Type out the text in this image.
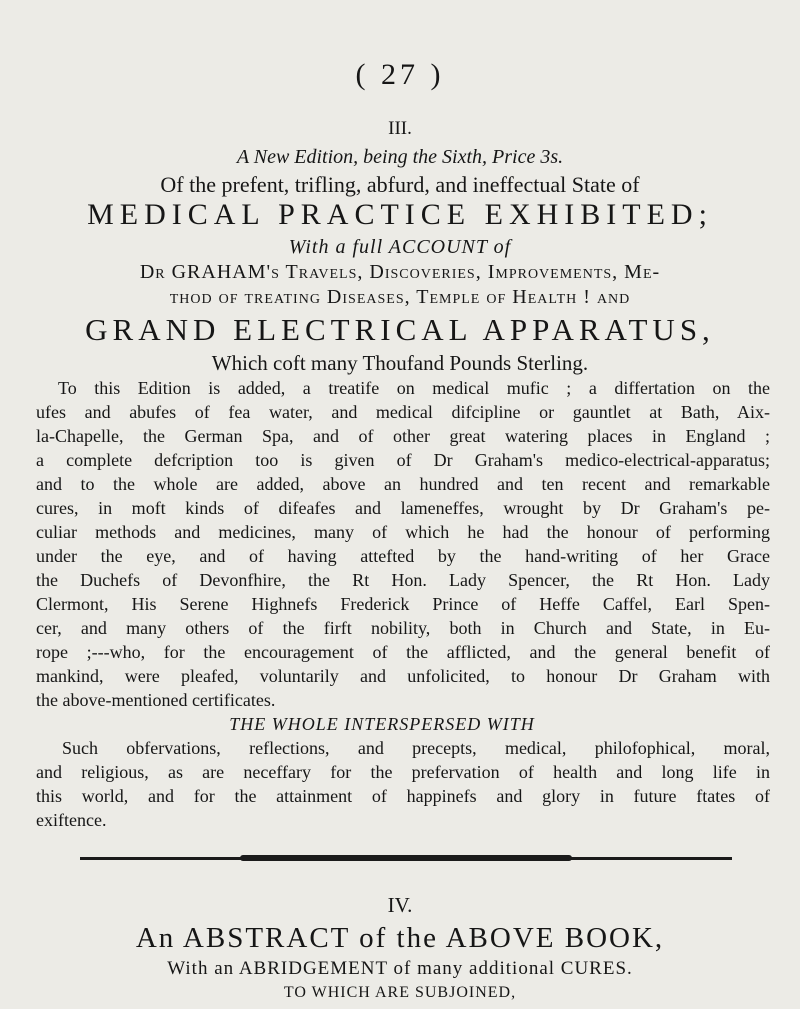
( 27 )
III.
A New Edition, being the Sixth, Price 3s.
Of the prefent, trifling, abfurd, and ineffectual State of
MEDICAL PRACTICE EXHIBITED;
With a full ACCOUNT of
Dr GRAHAM's Travels, Discoveries, Improvements, Me-
thod of treating Diseases, Temple of Health ! and
GRAND ELECTRICAL APPARATUS,
Which coft many Thoufand Pounds Sterling.
To this Edition is added, a treatife on medical mufic ; a differtation on the
ufes and abufes of fea water, and medical difcipline or gauntlet at Bath, Aix-
la-Chapelle, the German Spa, and of other great watering places in England ;
a complete defcription too is given of Dr Graham's medico-electrical-apparatus;
and to the whole are added, above an hundred and ten recent and remarkable
cures, in moft kinds of difeafes and lameneffes, wrought by Dr Graham's pe-
culiar methods and medicines, many of which he had the honour of performing
under the eye, and of having attefted by the hand-writing of her Grace
the Duchefs of Devonfhire, the Rt Hon. Lady Spencer, the Rt Hon. Lady
Clermont, His Serene Highnefs Frederick Prince of Heffe Caffel, Earl Spen-
cer, and many others of the firft nobility, both in Church and State, in Eu-
rope ;---who, for the encouragement of the afflicted, and the general benefit of
mankind, were pleafed, voluntarily and unfolicited, to honour Dr Graham with
the above-mentioned certificates.
THE WHOLE INTERSPERSED WITH
Such obfervations, reflections, and precepts, medical, philofophical, moral,
and religious, as are neceffary for the prefervation of health and long life in
this world, and for the attainment of happinefs and glory in future ftates of
exiftence.
IV.
An ABSTRACT of the ABOVE BOOK,
With an ABRIDGEMENT of many additional CURES.
TO WHICH ARE SUBJOINED,
